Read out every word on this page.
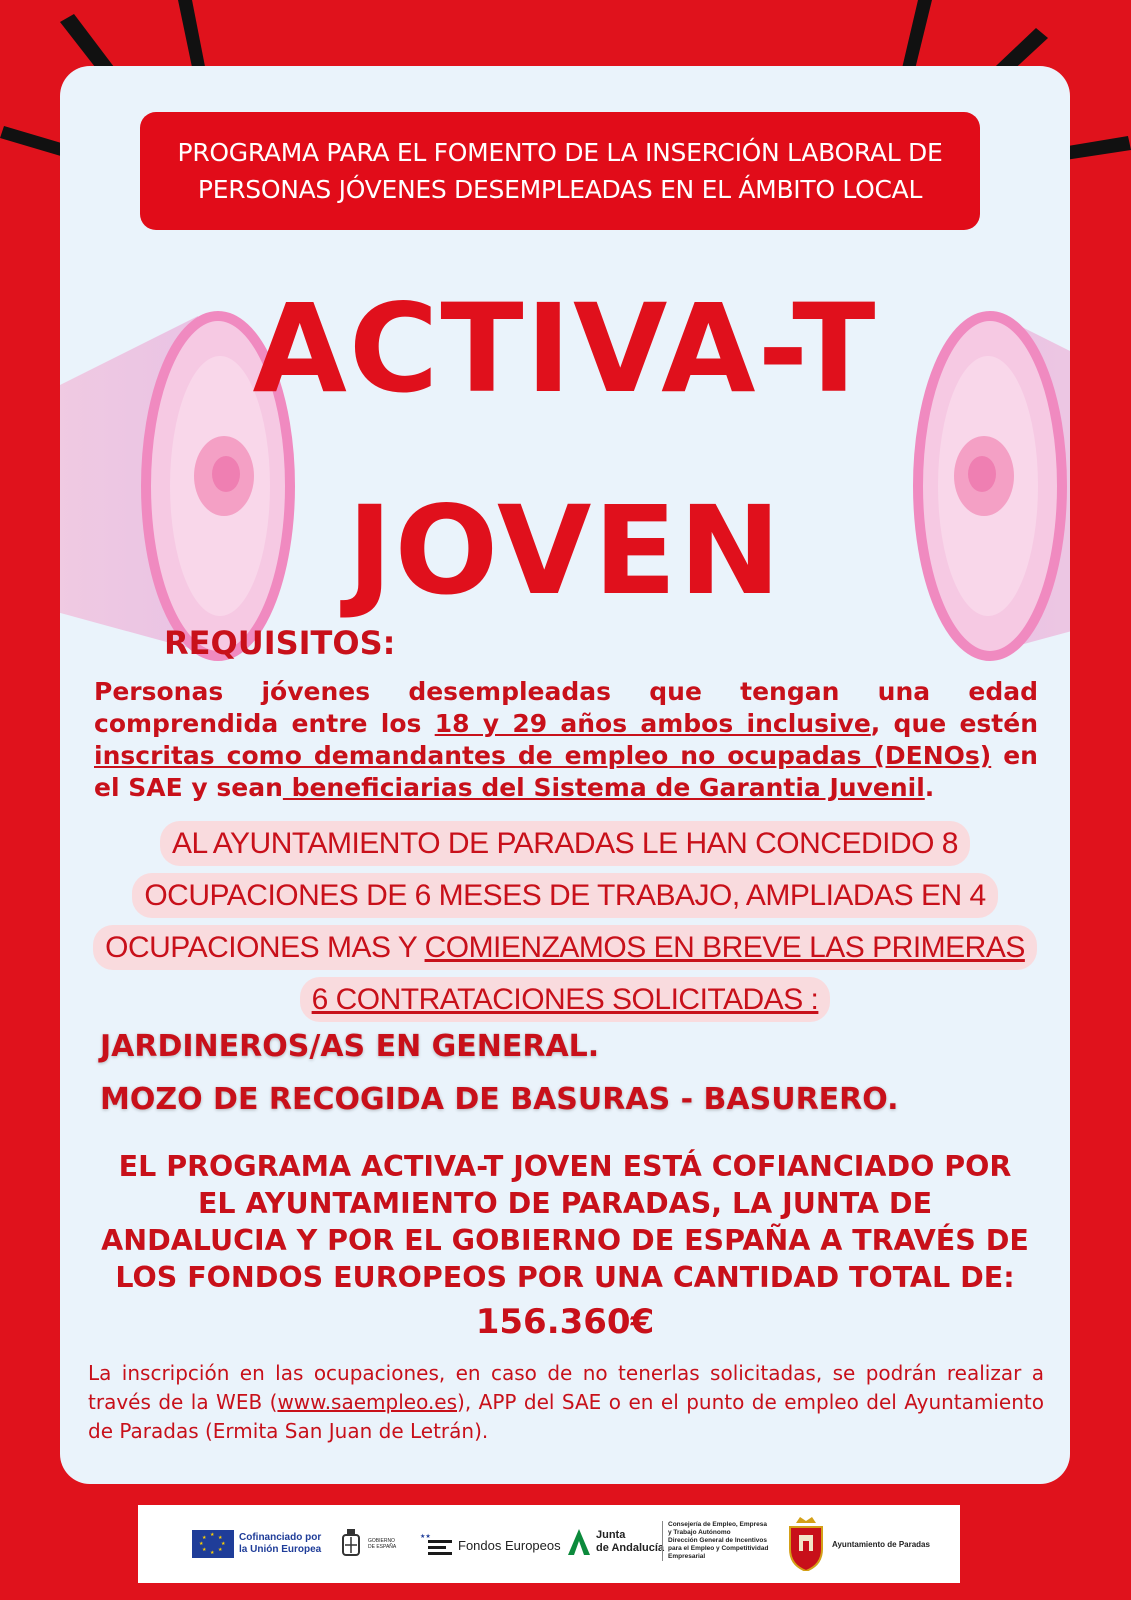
PROGRAMA PARA EL FOMENTO DE LA INSERCIÓN LABORAL DE
PERSONAS JÓVENES DESEMPLEADAS EN EL ÁMBITO LOCAL
ACTIVA-T
JOVEN
REQUISITOS:
Personas jóvenes desempleadas que tengan una edad comprendida entre los 18 y 29 años ambos inclusive, que estén inscritas como demandantes de empleo no ocupadas (DENOs) en el SAE y sean beneficiarias del Sistema de Garantia Juvenil.
AL AYUNTAMIENTO DE PARADAS LE HAN CONCEDIDO 8
OCUPACIONES DE 6 MESES DE TRABAJO, AMPLIADAS EN 4
OCUPACIONES MAS Y COMIENZAMOS EN BREVE LAS PRIMERAS
6 CONTRATACIONES SOLICITADAS :
JARDINEROS/AS EN GENERAL.
MOZO DE RECOGIDA DE BASURAS - BASURERO.
EL PROGRAMA ACTIVA-T JOVEN ESTÁ COFIANCIADO POR
EL AYUNTAMIENTO DE PARADAS, LA JUNTA DE
ANDALUCIA Y POR EL GOBIERNO DE ESPAÑA A TRAVÉS DE
LOS FONDOS EUROPEOS POR UNA CANTIDAD TOTAL DE:
156.360€
La inscripción en las ocupaciones, en caso de no tenerlas solicitadas, se podrán realizar a través de la WEB (www.saempleo.es), APP del SAE o en el punto de empleo del Ayuntamiento de Paradas (Ermita San Juan de Letrán).
★ ★
★
★
★
★
★
★	Cofinanciado por
la Unión Europea
GOBIERNO
DE ESPAÑA
★★
Fondos Europeos
Junta
de Andalucía
Consejería de Empleo, Empresa
y Trabajo Autónomo
Dirección General de Incentivos
para el Empleo y Competitividad
Empresarial
Ayuntamiento de Paradas
